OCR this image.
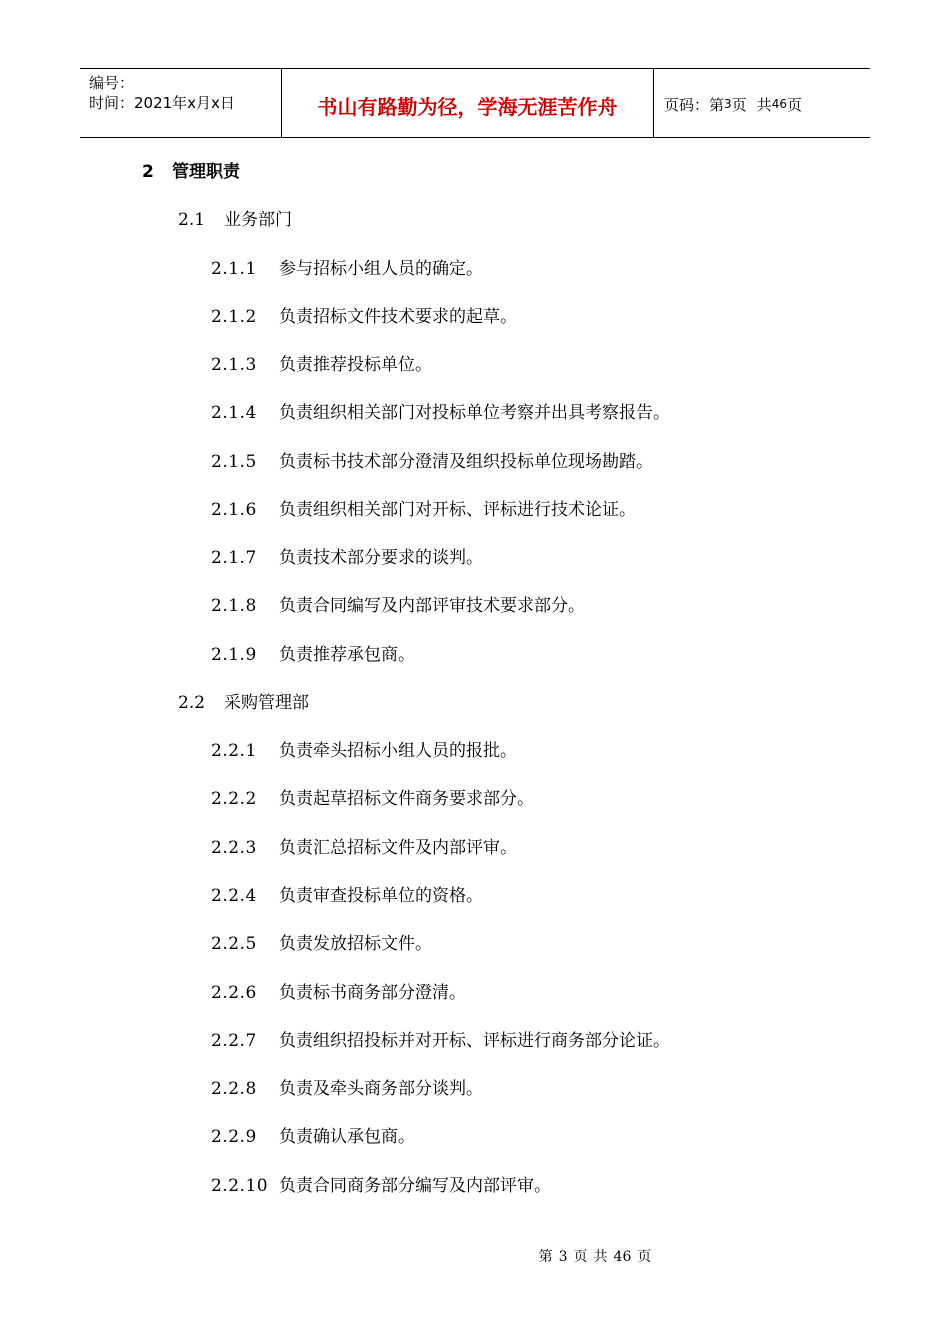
编号：
时间：2021年x月x日	书山有路勤为径，学海无涯苦作舟	页码：第 3 页 共 46 页
2 管理职责
2.1 业务部门
2.1.1 参与招标小组人员的确定。
2.1.2 负责招标文件技术要求的起草。
2.1.3 负责推荐投标单位。
2.1.4 负责组织相关部门对投标单位考察并出具考察报告。
2.1.5 负责标书技术部分澄清及组织投标单位现场勘踏。
2.1.6 负责组织相关部门对开标、评标进行技术论证。
2.1.7 负责技术部分要求的谈判。
2.1.8 负责合同编写及内部评审技术要求部分。
2.1.9 负责推荐承包商。
2.2 采购管理部
2.2.1 负责牵头招标小组人员的报批。
2.2.2 负责起草招标文件商务要求部分。
2.2.3 负责汇总招标文件及内部评审。
2.2.4 负责审查投标单位的资格。
2.2.5 负责发放招标文件。
2.2.6 负责标书商务部分澄清。
2.2.7 负责组织招投标并对开标、评标进行商务部分论证。
2.2.8 负责及牵头商务部分谈判。
2.2.9 负责确认承包商。
2.2.10 负责合同商务部分编写及内部评审。
第 3 页 共 46 页
